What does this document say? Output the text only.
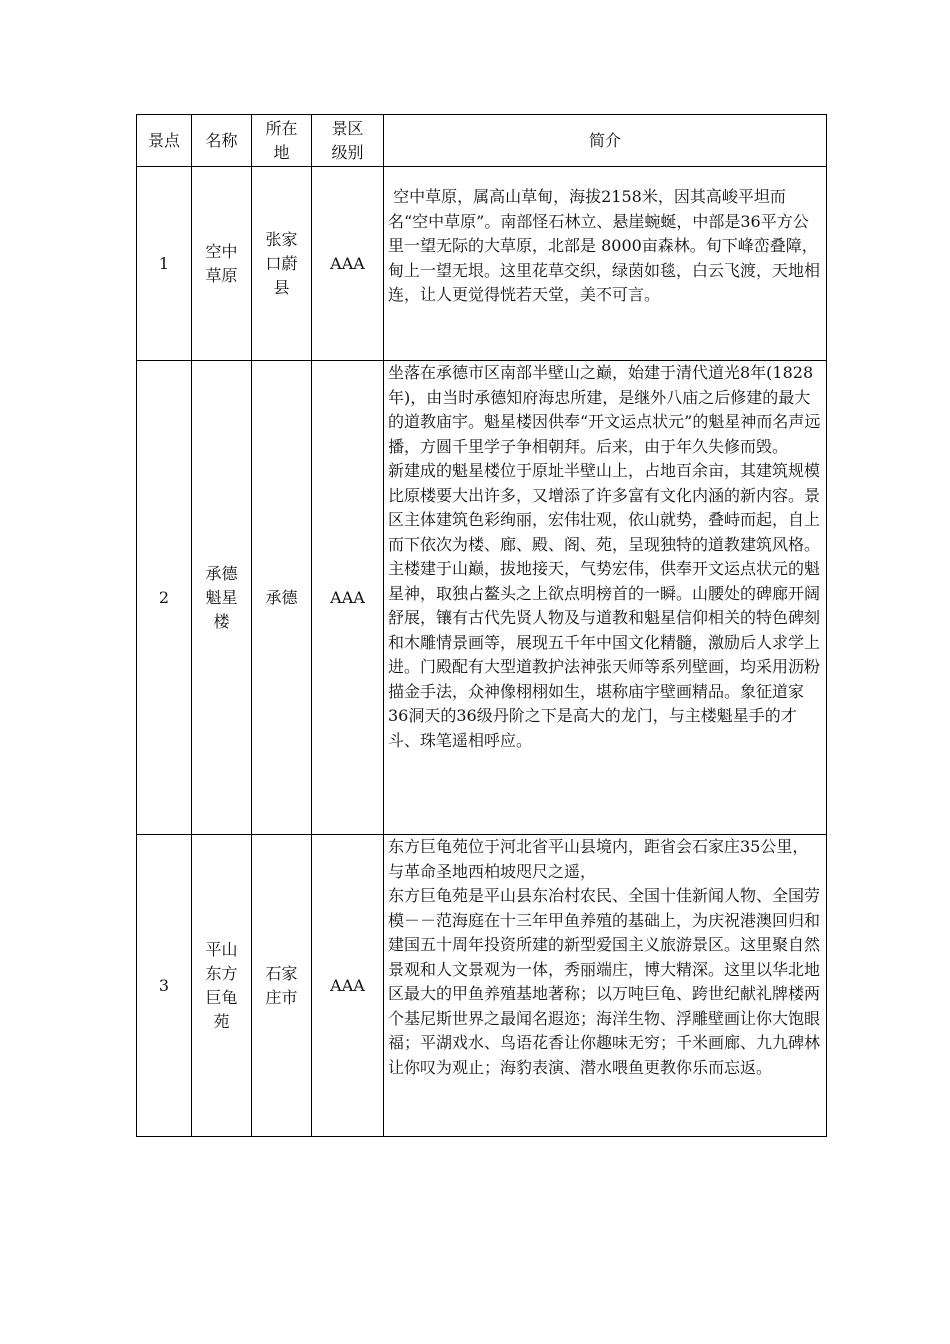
景点	名称	所在地	景区级别	简介
1	空中草原	张家口蔚县	AAA	空中草原，属高山草甸，海拔2158米，因其高峻平坦而名“空中草原”。南部怪石林立、悬崖蜿蜒，中部是36平方公里一望无际的大草原，北部是 8000亩森林。旬下峰峦叠障，甸上一望无垠。这里花草交织，绿茵如毯，白云飞渡，天地相连，让人更觉得恍若天堂，美不可言。

2	承德魁星楼	承德	AAA	坐落在承德市区南部半壁山之巅，始建于清代道光8年(1828年)，由当时承德知府海忠所建，是继外八庙之后修建的最大的道教庙宇。魁星楼因供奉“开文运点状元”的魁星神而名声远播，方圆千里学子争相朝拜。后来，由于年久失修而毁。

新建成的魁星楼位于原址半壁山上，占地百余亩，其建筑规模比原楼要大出许多，又增添了许多富有文化内涵的新内容。景区主体建筑色彩绚丽，宏伟壮观，依山就势，叠峙而起，自上而下依次为楼、廊、殿、阁、苑，呈现独特的道教建筑风格。主楼建于山巅，拔地接天，气势宏伟，供奉开文运点状元的魁星神，取独占鳌头之上欲点明榜首的一瞬。山腰处的碑廊开阔舒展，镶有古代先贤人物及与道教和魁星信仰相关的特色碑刻和木雕情景画等，展现五千年中国文化精髓，激励后人求学上进。门殿配有大型道教护法神张天师等系列壁画，均采用沥粉描金手法，众神像栩栩如生，堪称庙宇壁画精品。象征道家36洞天的36级丹阶之下是高大的龙门，与主楼魁星手的才斗、珠笔遥相呼应。

3	平山东方巨龟苑	石家庄市	AAA	东方巨龟苑位于河北省平山县境内，距省会石家庄35公里，与革命圣地西柏坡咫尺之遥，

东方巨龟苑是平山县东冶村农民、全国十佳新闻人物、全国劳模－－范海庭在十三年甲鱼养殖的基础上，为庆祝港澳回归和建国五十周年投资所建的新型爱国主义旅游景区。这里聚自然景观和人文景观为一体，秀丽端庄，博大精深。这里以华北地区最大的甲鱼养殖基地著称；以万吨巨龟、跨世纪献礼牌楼两个基尼斯世界之最闻名遐迩；海洋生物、浮雕壁画让你大饱眼福；平湖戏水、鸟语花香让你趣味无穷；千米画廊、九九碑林让你叹为观止；海豹表演、潜水喂鱼更教你乐而忘返。
